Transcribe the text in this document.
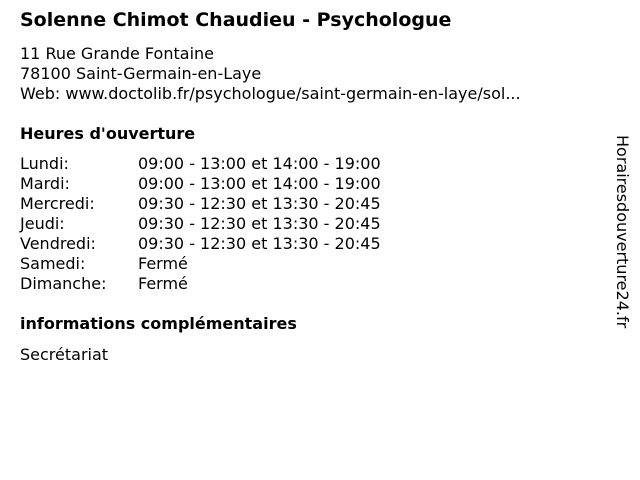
Solenne Chimot Chaudieu - Psychologue
11 Rue Grande Fontaine
78100 Saint-Germain-en-Laye
Web: www.doctolib.fr/psychologue/saint-germain-en-laye/sol...
Heures d'ouverture
Lundi:	09:00 - 13:00 et 14:00 - 19:00
Mardi:	09:00 - 13:00 et 14:00 - 19:00
Mercredi:	09:30 - 12:30 et 13:30 - 20:45
Jeudi:	09:30 - 12:30 et 13:30 - 20:45
Vendredi:	09:30 - 12:30 et 13:30 - 20:45
Samedi:	Fermé
Dimanche: Fermé
informations complémentaires
Secrétariat
Horairesdouverture24.fr
